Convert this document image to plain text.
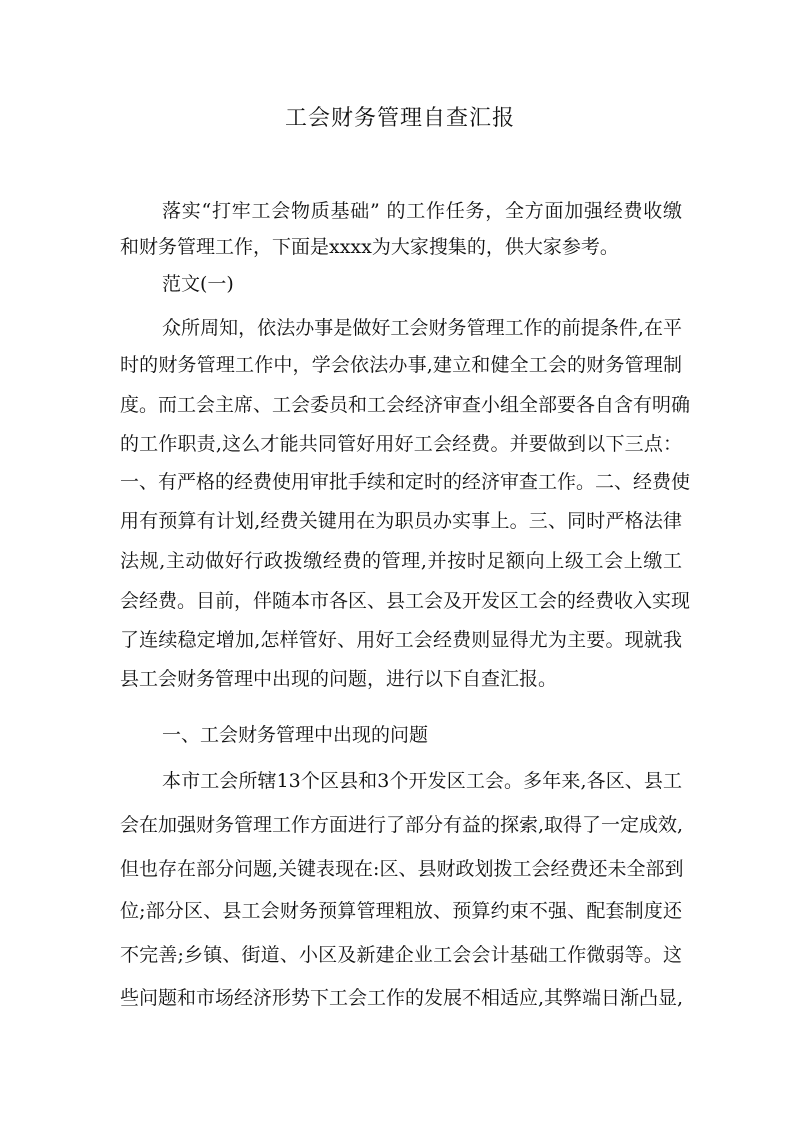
工会财务管理自查汇报
落实“打牢工会物质基础” 的工作任务，全方面加强经费收缴
和财务管理工作，下面是xxxx为大家搜集的，供大家参考。
范文(一)
众所周知，依法办事是做好工会财务管理工作的前提条件,在平
时的财务管理工作中，学会依法办事,建立和健全工会的财务管理制
度。而工会主席、工会委员和工会经济审查小组全部要各自含有明确
的工作职责,这么才能共同管好用好工会经费。并要做到以下三点：
一、有严格的经费使用审批手续和定时的经济审查工作。二、经费使
用有预算有计划,经费关键用在为职员办实事上。三、同时严格法律
法规,主动做好行政拨缴经费的管理,并按时足额向上级工会上缴工
会经费。目前，伴随本市各区、县工会及开发区工会的经费收入实现
了连续稳定增加,怎样管好、用好工会经费则显得尤为主要。现就我
县工会财务管理中出现的问题，进行以下自查汇报。
一、工会财务管理中出现的问题
本市工会所辖13个区县和3个开发区工会。多年来,各区、县工
会在加强财务管理工作方面进行了部分有益的探索,取得了一定成效,
但也存在部分问题,关键表现在:区、县财政划拨工会经费还未全部到
位;部分区、县工会财务预算管理粗放、预算约束不强、配套制度还
不完善;乡镇、街道、小区及新建企业工会会计基础工作微弱等。这
些问题和市场经济形势下工会工作的发展不相适应,其弊端日渐凸显,
